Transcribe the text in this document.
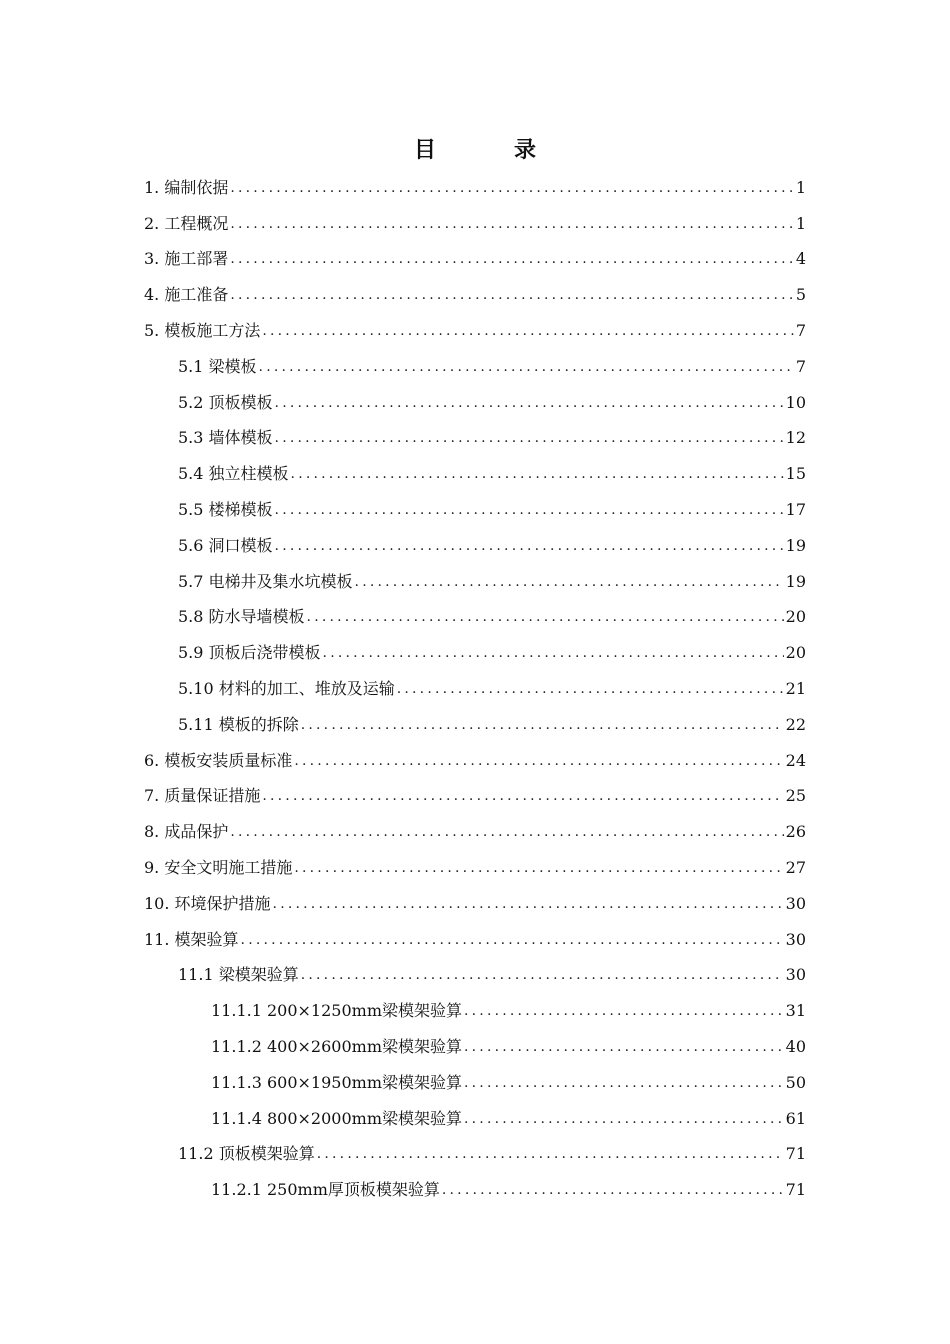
目　录
1. 编制依据 .....	1
2. 工程概况 .....	1
3. 施工部署 .....	4
4. 施工准备 .....	5
5. 模板施工方法 .....	7
5.1 梁模板 .....	7
5.2 顶板模板 .....	10
5.3 墙体模板 .....	12
5.4 独立柱模板 .....	15
5.5 楼梯模板 .....	17
5.6 洞口模板 .....	19
5.7 电梯井及集水坑模板 .....	19
5.8 防水导墙模板 .....	20
5.9 顶板后浇带模板 .....	20
5.10 材料的加工、堆放及运输 .....	21
5.11 模板的拆除 .....	22
6. 模板安装质量标准 .....	24
7. 质量保证措施 .....	25
8. 成品保护 .....	26
9. 安全文明施工措施 .....	27
10. 环境保护措施 .....	30
11. 模架验算 .....	30
11.1 梁模架验算 .....	30
11.1.1 200×1250mm梁模架验算 .....	31
11.1.2 400×2600mm梁模架验算 .....	40
11.1.3 600×1950mm梁模架验算 .....	50
11.1.4 800×2000mm梁模架验算 .....	61
11.2 顶板模架验算 .....	71
11.2.1 250mm厚顶板模架验算 .....	71
